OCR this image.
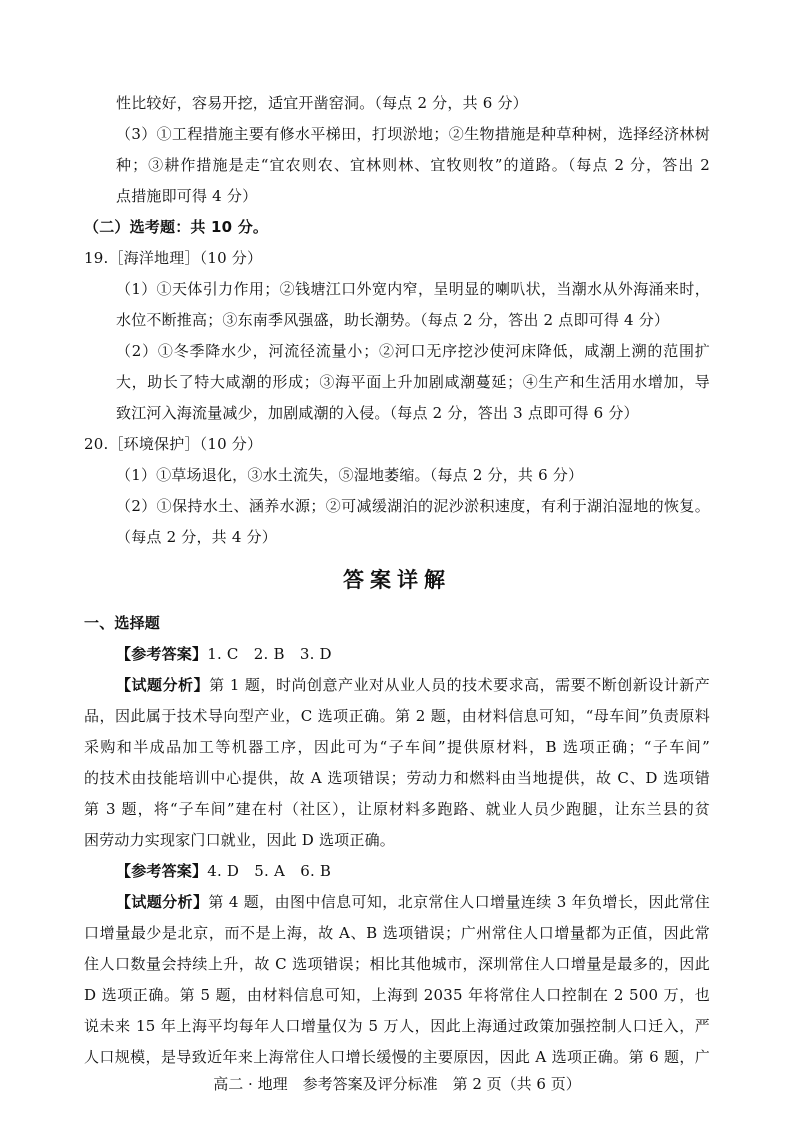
性比较好，容易开挖，适宜开凿窑洞。（每点 2 分，共 6 分）
（3）①工程措施主要有修水平梯田，打坝淤地；②生物措施是种草种树，选择经济林树
种；③耕作措施是走“宜农则农、宜林则林、宜牧则牧”的道路。（每点 2 分，答出 2
点措施即可得 4 分）
（二）选考题：共 10 分。
19.［海洋地理］（10 分）
（1）①天体引力作用；②钱塘江口外宽内窄，呈明显的喇叭状，当潮水从外海涌来时，
水位不断推高；③东南季风强盛，助长潮势。（每点 2 分，答出 2 点即可得 4 分）
（2）①冬季降水少，河流径流量小；②河口无序挖沙使河床降低，咸潮上溯的范围扩
大，助长了特大咸潮的形成；③海平面上升加剧咸潮蔓延；④生产和生活用水增加，导
致江河入海流量减少，加剧咸潮的入侵。（每点 2 分，答出 3 点即可得 6 分）
20.［环境保护］（10 分）
（1）①草场退化，③水土流失，⑤湿地萎缩。（每点 2 分，共 6 分）
（2）①保持水土、涵养水源；②可减缓湖泊的泥沙淤积速度，有利于湖泊湿地的恢复。
（每点 2 分，共 4 分）
答案详解
一、选择题
【参考答案】1. C　2. B　3. D
【试题分析】第 1 题，时尚创意产业对从业人员的技术要求高，需要不断创新设计新产
品，因此属于技术导向型产业，C 选项正确。第 2 题，由材料信息可知，“母车间”负责原料
采购和半成品加工等机器工序，因此可为“子车间”提供原材料，B 选项正确；“子车间”
的技术由技能培训中心提供，故 A 选项错误；劳动力和燃料由当地提供，故 C、D 选项错
第 3 题，将“子车间”建在村（社区），让原材料多跑路、就业人员少跑腿，让东兰县的贫
困劳动力实现家门口就业，因此 D 选项正确。
【参考答案】4. D　5. A　6. B
【试题分析】第 4 题，由图中信息可知，北京常住人口增量连续 3 年负增长，因此常住
口增量最少是北京，而不是上海，故 A、B 选项错误；广州常住人口增量都为正值，因此常
住人口数量会持续上升，故 C 选项错误；相比其他城市，深圳常住人口增量是最多的，因此
D 选项正确。第 5 题，由材料信息可知，上海到 2035 年将常住人口控制在 2 500 万，也
说未来 15 年上海平均每年人口增量仅为 5 万人，因此上海通过政策加强控制人口迁入，严
人口规模，是导致近年来上海常住人口增长缓慢的主要原因，因此 A 选项正确。第 6 题，广
高二 · 地理　参考答案及评分标准　第 2 页（共 6 页）
